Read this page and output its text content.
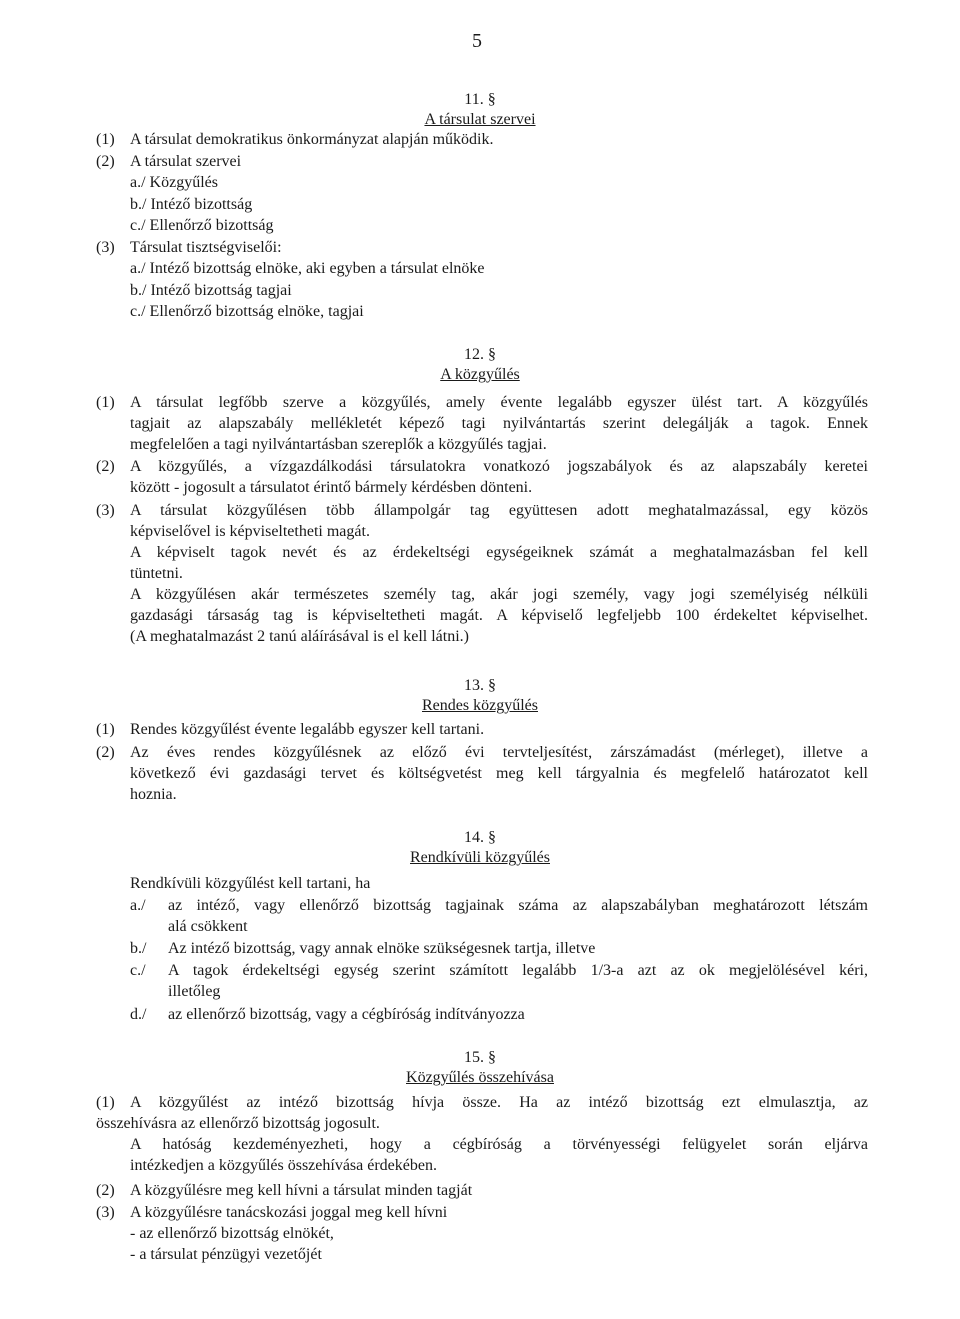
5
11. §
A társulat szervei
(1) A társulat demokratikus önkormányzat alapján működik.
(2) A társulat szervei
a./ Közgyűlés
b./ Intéző bizottság
c./ Ellenőrző bizottság
(3) Társulat tisztségviselői:
a./ Intéző bizottság elnöke, aki egyben a társulat elnöke
b./ Intéző bizottság tagjai
c./ Ellenőrző bizottság elnöke, tagjai
12. §
A közgyűlés
(1) A társulat legfőbb szerve a közgyűlés, amely évente legalább egyszer ülést tart. A közgyűlés
tagjait az alapszabály mellékletét képező tagi nyilvántartás szerint delegálják a tagok. Ennek
megfelelően a tagi nyilvántartásban szereplők a közgyűlés tagjai.
(2) A közgyűlés, a vízgazdálkodási társulatokra vonatkozó jogszabályok és az alapszabály keretei
között - jogosult a társulatot érintő bármely kérdésben dönteni.
(3) A társulat közgyűlésen több állampolgár tag együttesen adott meghatalmazással, egy közös
képviselővel is képviseltetheti magát.
A képviselt tagok nevét és az érdekeltségi egységeiknek számát a meghatalmazásban fel kell
tüntetni.
A közgyűlésen akár természetes személy tag, akár jogi személy, vagy jogi személyiség nélküli
gazdasági társaság tag is képviseltetheti magát. A képviselő legfeljebb 100 érdekeltet képviselhet.
(A meghatalmazást 2 tanú aláírásával is el kell látni.)
13. §
Rendes közgyűlés
(1) Rendes közgyűlést évente legalább egyszer kell tartani.
(2) Az éves rendes közgyűlésnek az előző évi tervteljesítést, zárszámadást (mérleget), illetve a
következő évi gazdasági tervet és költségvetést meg kell tárgyalnia és megfelelő határozatot kell
hoznia.
14. §
Rendkívüli közgyűlés
Rendkívüli közgyűlést kell tartani, ha
a./	az intéző, vagy ellenőrző bizottság tagjainak száma az alapszabályban meghatározott létszám
alá csökkent
b./	Az intéző bizottság, vagy annak elnöke szükségesnek tartja, illetve
c./	A tagok érdekeltségi egység szerint számított legalább 1/3-a azt az ok megjelölésével kéri,
illetőleg
d./	az ellenőrző bizottság, vagy a cégbíróság indítványozza
15. §
Közgyűlés összehívása
(1) A közgyűlést az intéző bizottság hívja össze. Ha az intéző bizottság ezt elmulasztja, az
összehívásra az ellenőrző bizottság jogosult.
A hatóság kezdeményezheti, hogy a cégbíróság a törvényességi felügyelet során eljárva
intézkedjen a közgyűlés összehívása érdekében.
(2) A közgyűlésre meg kell hívni a társulat minden tagját
(3) A közgyűlésre tanácskozási joggal meg kell hívni
- az ellenőrző bizottság elnökét,
- a társulat pénzügyi vezetőjét
